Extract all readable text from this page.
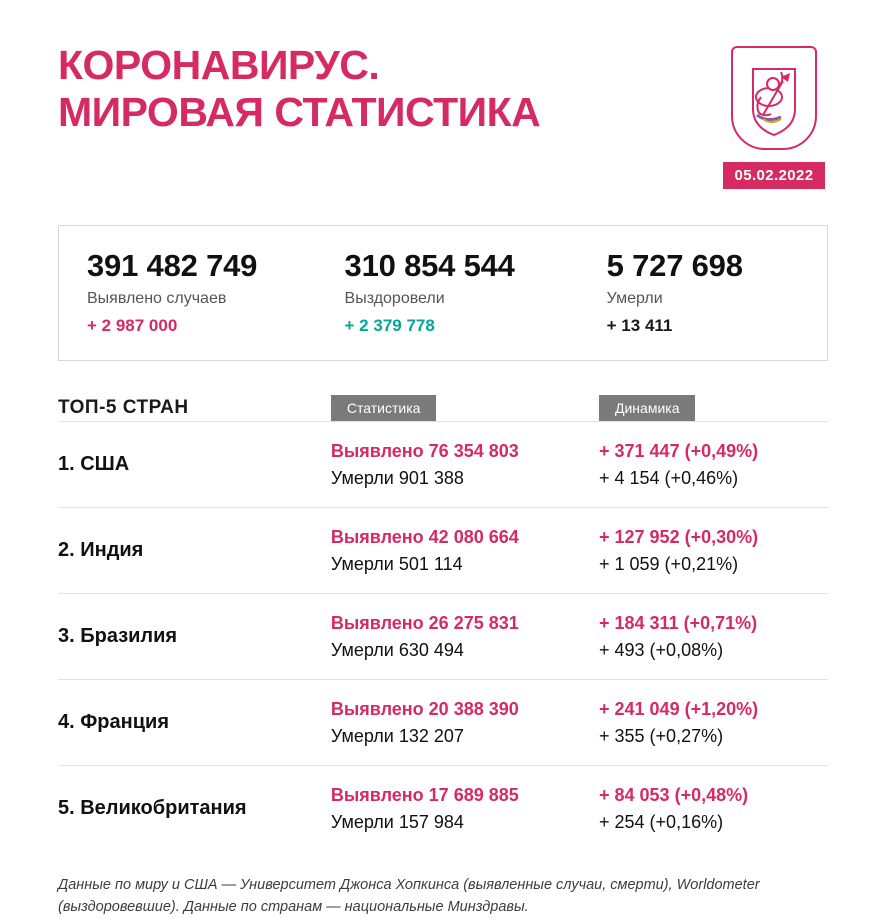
КОРОНАВИРУС.
МИРОВАЯ СТАТИСТИКА
05.02.2022
391 482 749
Выявлено случаев
+ 2 987 000
310 854 544
Выздоровели
+ 2 379 778
5 727 698
Умерли
+ 13 411
ТОП-5 СТРАН	Статистика	Динамика
1. США
Выявлено 76 354 803
Умерли 901 388
+ 371 447 (+0,49%)
+ 4 154 (+0,46%)
2. Индия
Выявлено 42 080 664
Умерли 501 114
+ 127 952 (+0,30%)
+ 1 059 (+0,21%)
3. Бразилия
Выявлено 26 275 831
Умерли 630 494
+ 184 311 (+0,71%)
+ 493 (+0,08%)
4. Франция
Выявлено 20 388 390
Умерли 132 207
+ 241 049 (+1,20%)
+ 355 (+0,27%)
5. Великобритания
Выявлено 17 689 885
Умерли 157 984
+ 84 053 (+0,48%)
+ 254 (+0,16%)
Данные по миру и США — Университет Джонса Хопкинса (выявленные случаи, смерти), Worldometer (выздоровевшие). Данные по странам — национальные Минздравы.
